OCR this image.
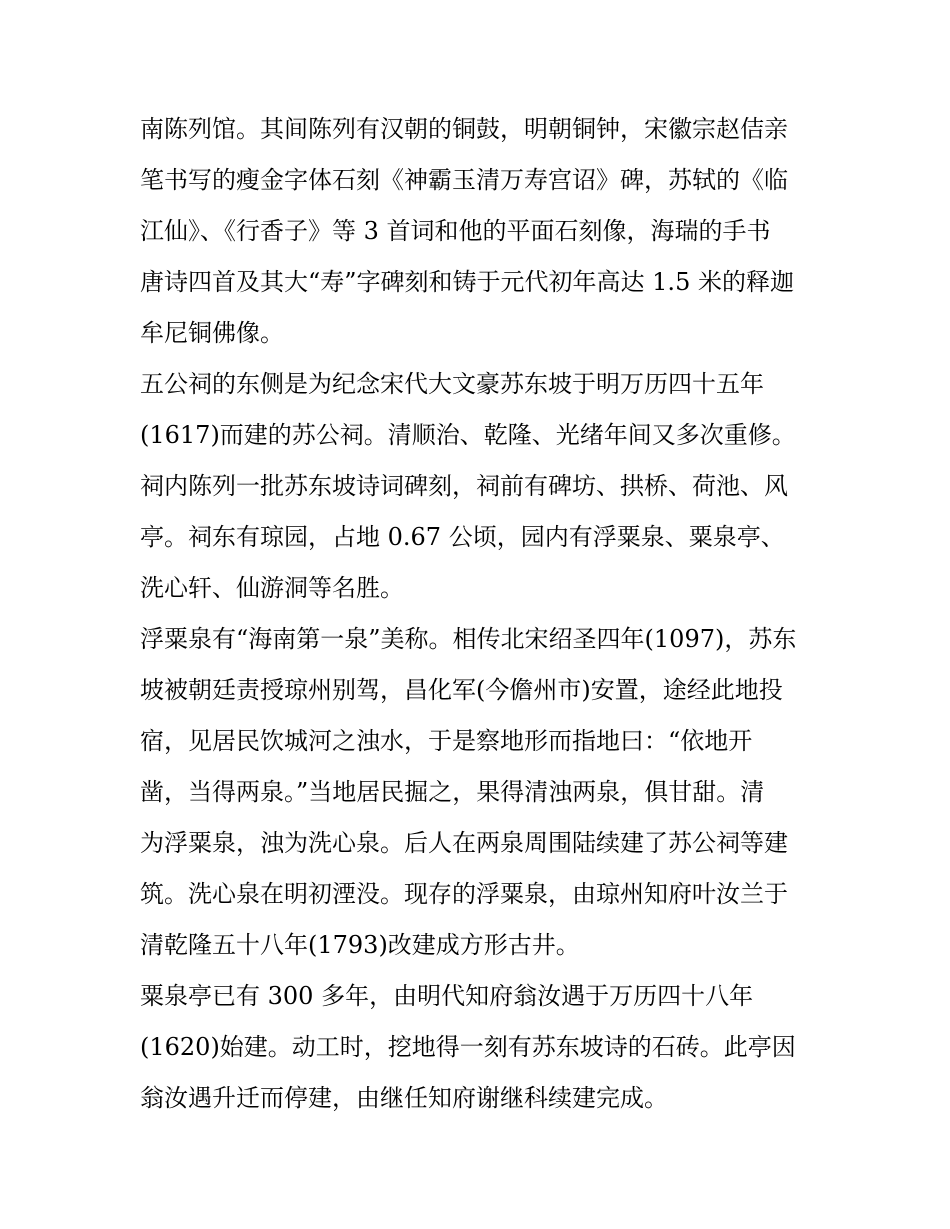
南陈列馆。其间陈列有汉朝的铜鼓，明朝铜钟，宋徽宗赵佶亲
笔书写的瘦金字体石刻《神霸玉清万寿宫诏》碑，苏轼的《临
江仙》、《行香子》等 3 首词和他的平面石刻像，海瑞的手书
唐诗四首及其大“寿”字碑刻和铸于元代初年高达 1.5 米的释迦
牟尼铜佛像。
五公祠的东侧是为纪念宋代大文豪苏东坡于明万历四十五年
(1617)而建的苏公祠。清顺治、乾隆、光绪年间又多次重修。
祠内陈列一批苏东坡诗词碑刻，祠前有碑坊、拱桥、荷池、风
亭。祠东有琼园，占地 0.67 公顷，园内有浮粟泉、粟泉亭、
洗心轩、仙游洞等名胜。
浮粟泉有“海南第一泉”美称。相传北宋绍圣四年(1097)，苏东
坡被朝廷责授琼州别驾，昌化军(今儋州市)安置，途经此地投
宿，见居民饮城河之浊水，于是察地形而指地曰：“依地开
凿，当得两泉。”当地居民掘之，果得清浊两泉，俱甘甜。清
为浮粟泉，浊为洗心泉。后人在两泉周围陆续建了苏公祠等建
筑。洗心泉在明初湮没。现存的浮粟泉，由琼州知府叶汝兰于
清乾隆五十八年(1793)改建成方形古井。
粟泉亭已有 300 多年，由明代知府翁汝遇于万历四十八年
(1620)始建。动工时，挖地得一刻有苏东坡诗的石砖。此亭因
翁汝遇升迁而停建，由继任知府谢继科续建完成。
